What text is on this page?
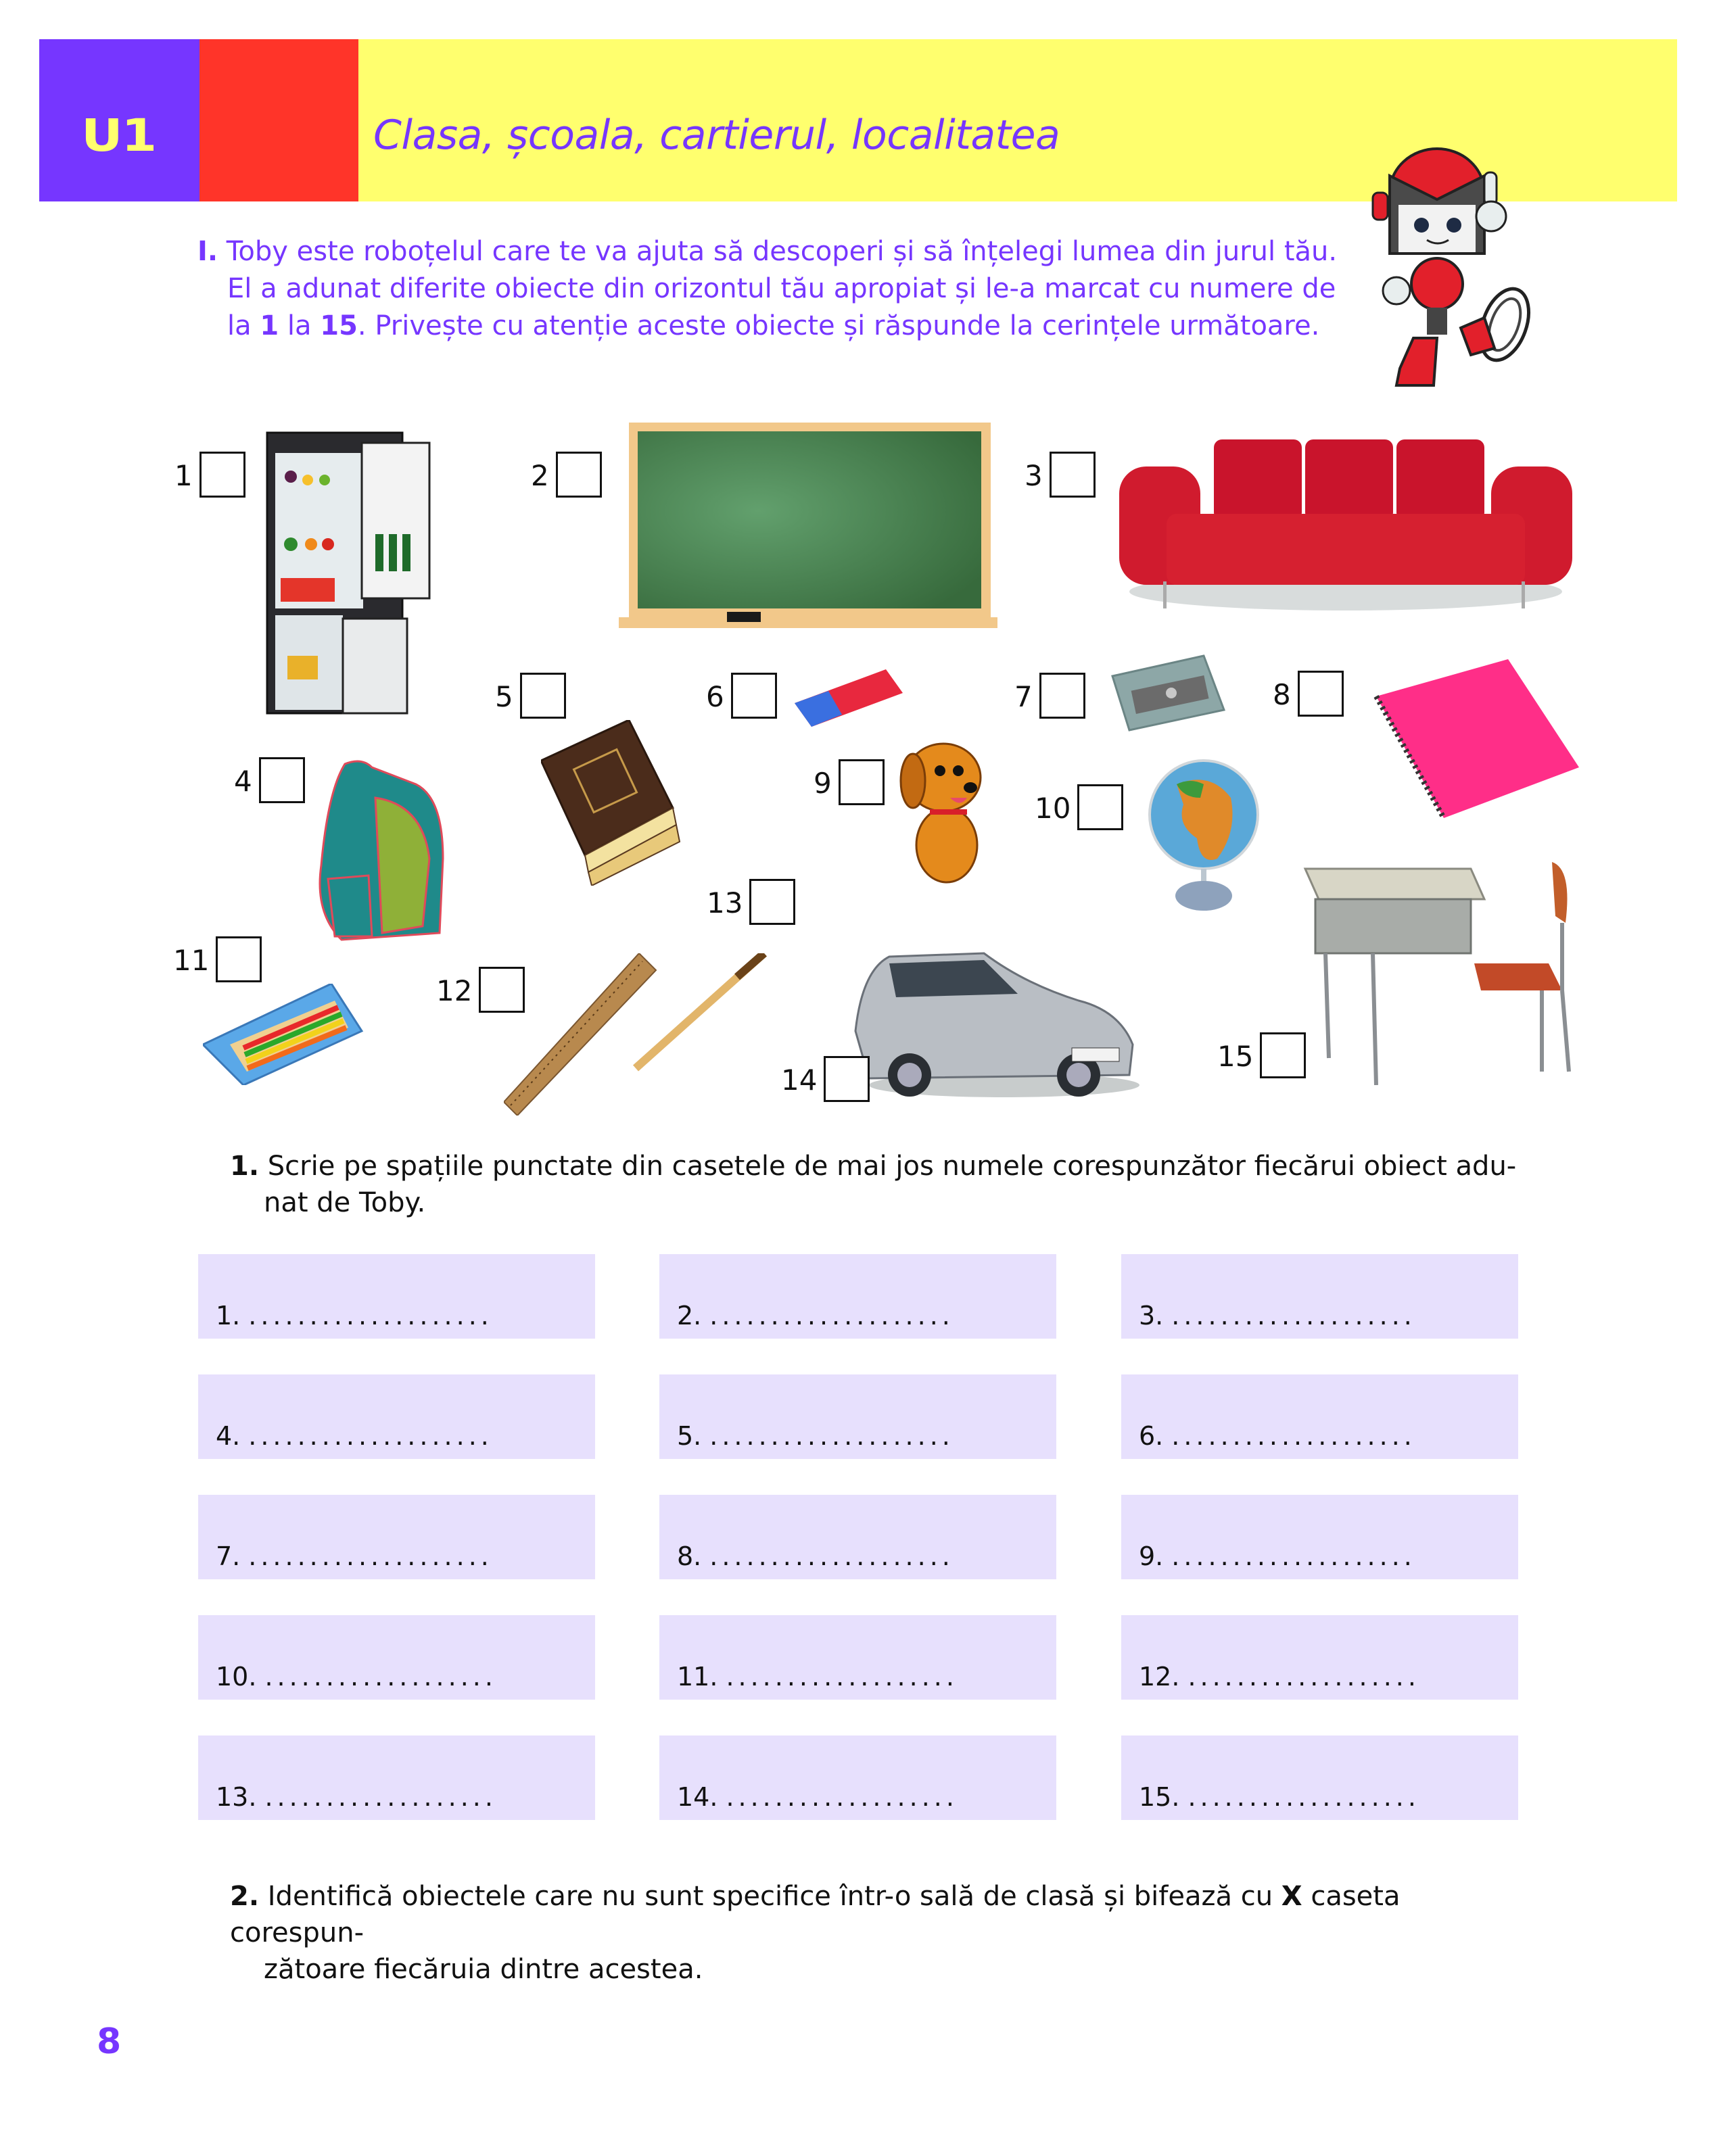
U1	Clasa, școala, cartierul, localitatea
I. Toby este roboțelul care te va ajuta să descoperi și să înțelegi lumea din jurul tău.
El a adunat diferite obiecte din orizontul tău apropiat și le-a marcat cu numere de
la 1 la 15. Privește cu atenție aceste obiecte și răspunde la cerințele următoare.
1	2	3
4
5	6	7	8
9
10
11
12
13
14
15
1. Scrie pe spațiile punctate din casetele de mai jos numele corespunzător fiecărui obiect adu-
nat de Toby.
1. ....................	2. ....................	3. ....................
4. ....................	5. ....................	6. ....................
7. ....................	8. ....................	9. ....................
10. ...................	11. ...................	12. ...................
13. ...................	14. ...................	15. ...................
2. Identifică obiectele care nu sunt specifice într-o sală de clasă și bifează cu X caseta corespun-
zătoare fiecăruia dintre acestea.
8
